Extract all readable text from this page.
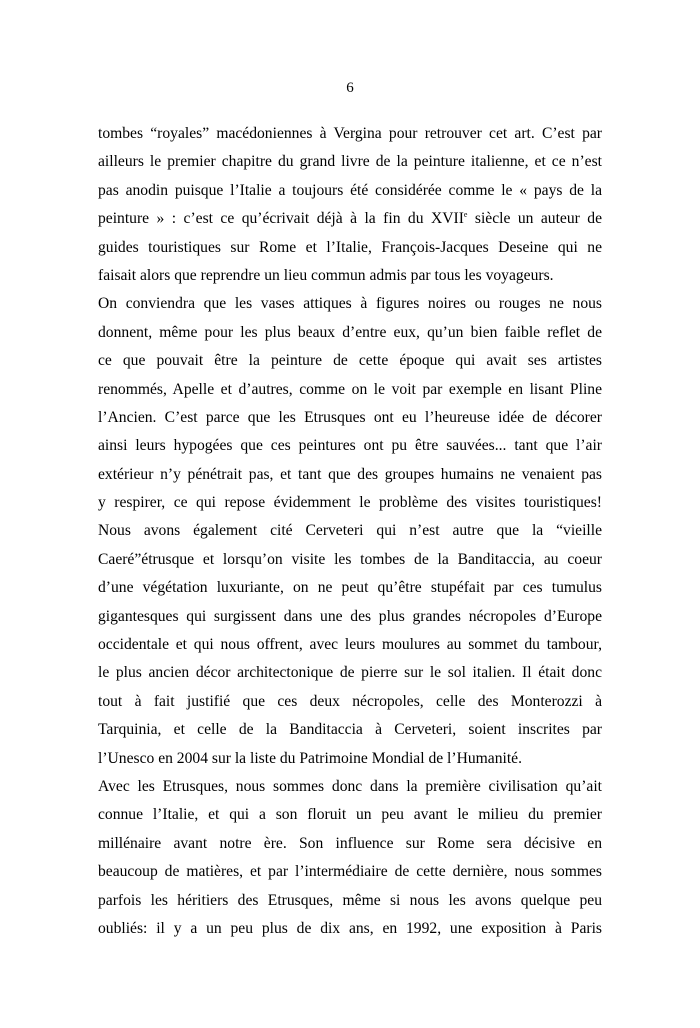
6
tombes “royales” macédoniennes à Vergina pour retrouver cet art. C’est par
ailleurs le premier chapitre du grand livre de la peinture italienne, et ce n’est
pas anodin puisque l’Italie a toujours été considérée comme le « pays de la
peinture » : c’est ce qu’écrivait déjà à la fin du XVIIe siècle un auteur de
guides touristiques sur Rome et l’Italie, François-Jacques Deseine qui ne
faisait alors que reprendre un lieu commun admis par tous les voyageurs.
On conviendra que les vases attiques à figures noires ou rouges ne nous
donnent, même pour les plus beaux d’entre eux, qu’un bien faible reflet de
ce que pouvait être la peinture de cette époque qui avait ses artistes
renommés, Apelle et d’autres, comme on le voit par exemple en lisant Pline
l’Ancien. C’est parce que les Etrusques ont eu l’heureuse idée de décorer
ainsi leurs hypogées que ces peintures ont pu être sauvées... tant que l’air
extérieur n’y pénétrait pas, et tant que des groupes humains ne venaient pas
y respirer, ce qui repose évidemment le problème des visites touristiques!
Nous avons également cité Cerveteri qui n’est autre que la “vieille
Caeré”étrusque et lorsqu’on visite les tombes de la Banditaccia, au coeur
d’une végétation luxuriante, on ne peut qu’être stupéfait par ces tumulus
gigantesques qui surgissent dans une des plus grandes nécropoles d’Europe
occidentale et qui nous offrent, avec leurs moulures au sommet du tambour,
le plus ancien décor architectonique de pierre sur le sol italien. Il était donc
tout à fait justifié que ces deux nécropoles, celle des Monterozzi à
Tarquinia, et celle de la Banditaccia à Cerveteri, soient inscrites par
l’Unesco en 2004 sur la liste du Patrimoine Mondial de l’Humanité.
Avec les Etrusques, nous sommes donc dans la première civilisation qu’ait
connue l’Italie, et qui a son floruit un peu avant le milieu du premier
millénaire avant notre ère. Son influence sur Rome sera décisive en
beaucoup de matières, et par l’intermédiaire de cette dernière, nous sommes
parfois les héritiers des Etrusques, même si nous les avons quelque peu
oubliés: il y a un peu plus de dix ans, en 1992, une exposition à Paris
